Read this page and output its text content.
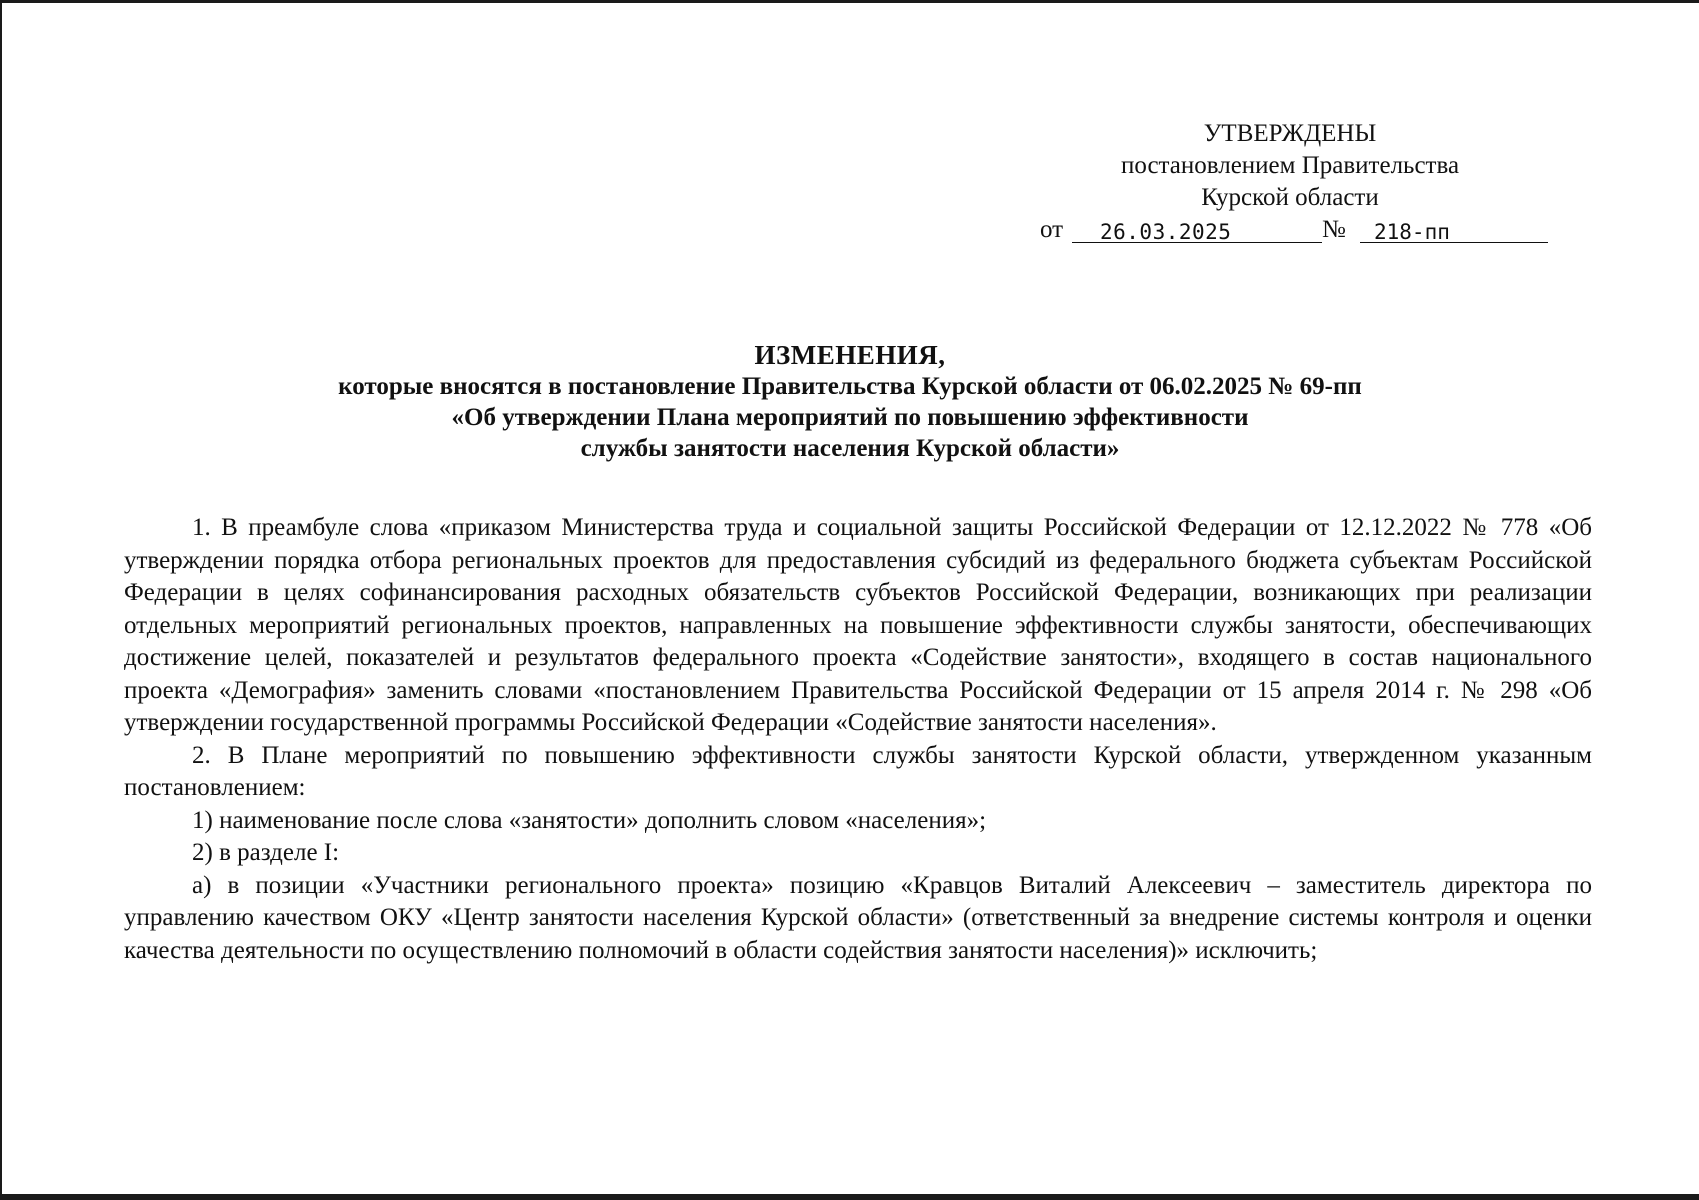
УТВЕРЖДЕНЫ
постановлением Правительства
Курской области
от 26.03.2025	№ 218-пп
ИЗМЕНЕНИЯ,
которые вносятся в постановление Правительства Курской области от 06.02.2025 № 69-пп
«Об утверждении Плана мероприятий по повышению эффективности
службы занятости населения Курской области»

1. В преамбуле слова «приказом Министерства труда и социальной защиты Российской Федерации от 12.12.2022 № 778 «Об утверждении порядка отбора региональных проектов для предоставления субсидий из федерального бюджета субъектам Российской Федерации в целях софинансирования расходных обязательств субъектов Российской Федерации, возникающих при реализации отдельных мероприятий региональных проектов, направленных на повышение эффективности службы занятости, обеспечивающих достижение целей, показателей и результатов федерального проекта «Содействие занятости», входящего в состав национального проекта «Демография» заменить словами «постановлением Правительства Российской Федерации от 15 апреля 2014 г. № 298 «Об утверждении государственной программы Российской Федерации «Содействие занятости населения».

2. В Плане мероприятий по повышению эффективности службы занятости Курской области, утвержденном указанным постановлением:

1) наименование после слова «занятости» дополнить словом «населения»;

2) в разделе I:

а) в позиции «Участники регионального проекта» позицию «Кравцов Виталий Алексеевич – заместитель директора по управлению качеством ОКУ «Центр занятости населения Курской области» (ответственный за внедрение системы контроля и оценки качества деятельности по осуществлению полномочий в области содействия занятости населения)» исключить;
